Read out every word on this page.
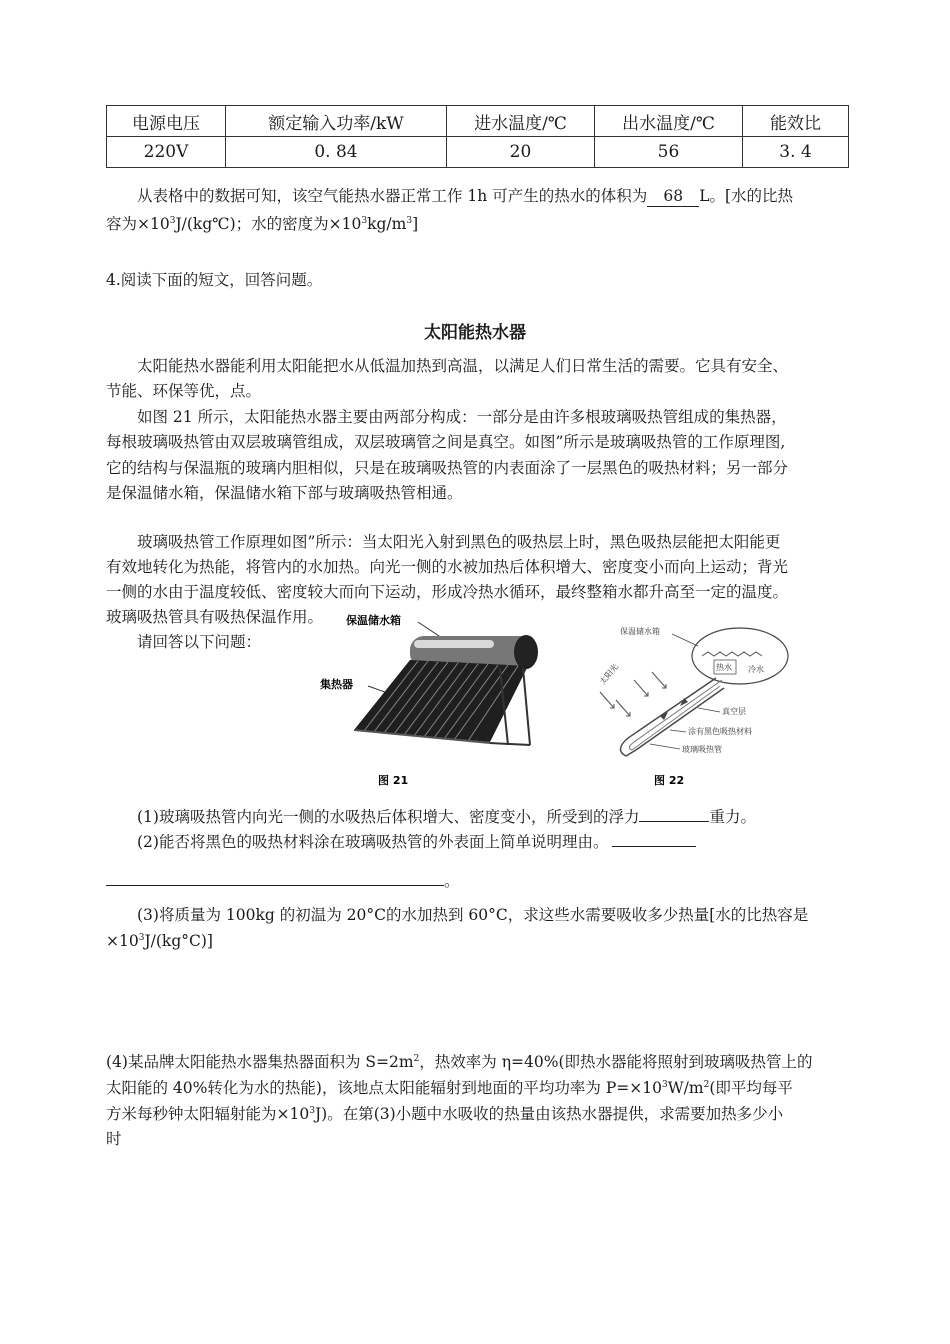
电源电压	额定输入功率/kW	进水温度/℃	出水温度/℃	能效比
220V	0. 84	20	56	3. 4
从表格中的数据可知，该空气能热水器正常工作 1h 可产生的热水的体积为 68 L。[水的比热
容为$\times 10^3J/(kg℃)$；水的密度为$\times 10^3kg/m^3$]
4.阅读下面的短文，回答问题。
太阳能热水器
太阳能热水器能利用太阳能把水从低温加热到高温，以满足人们日常生活的需要。它具有安全、
节能、环保等优，点。
如图 21 所示，太阳能热水器主要由两部分构成：一部分是由许多根玻璃吸热管组成的集热器，
每根玻璃吸热管由双层玻璃管组成，双层玻璃管之间是真空。如图”所示是玻璃吸热管的工作原理图,
它的结构与保温瓶的玻璃内胆相似，只是在玻璃吸热管的内表面涂了一层黑色的吸热材料；另一部分
是保温储水箱，保温储水箱下部与玻璃吸热管相通。
玻璃吸热管工作原理如图”所示：当太阳光入射到黑色的吸热层上时，黑色吸热层能把太阳能更
有效地转化为热能，将管内的水加热。向光一侧的水被加热后体积增大、密度变小而向上运动；背光
一侧的水由于温度较低、密度较大而向下运动，形成冷热水循环，最终整箱水都升高至一定的温度。
玻璃吸热管具有吸热保温作用。
请回答以下问题：
保温储水箱
集热器
图 21
保温储水箱
热水 冷水
太阳光
真空层
涂有黑色吸热材料
玻璃吸热管
图 22
(1)玻璃吸热管内向光一侧的水吸热后体积增大、密度变小，所受到的浮力	重力。
(2)能否将黑色的吸热材料涂在玻璃吸热管的外表面上简单说明理由。
。
(3)将质量为 100kg 的初温为 20°C的水加热到 60°C，求这些水需要吸收多少热量[水的比热容是
$\times 10^3J/(kg^\circ C)$]
(4)某品牌太阳能热水器集热器面积为 $S=2m^2$，热效率为 η=40%(即热水器能将照射到玻璃吸热管上的
太阳能的 40%转化为水的热能)，该地点太阳能辐射到地面的平均功率为 $P=\times 10^3W/m^2$(即平均每平
方米每秒钟太阳辐射能为$\times 10^3J$)。在第(3)小题中水吸收的热量由该热水器提供，求需要加热多少小
时
